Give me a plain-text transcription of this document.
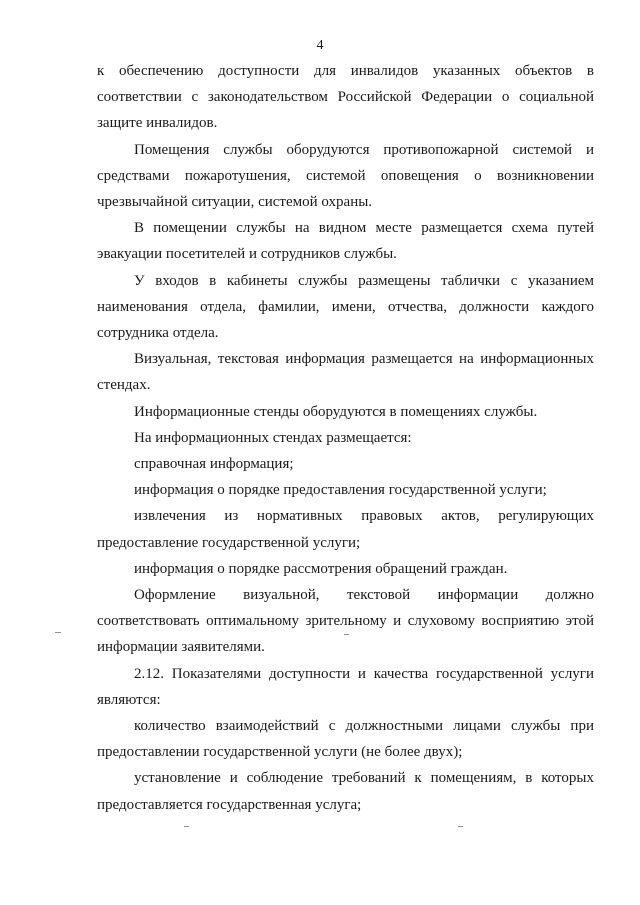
4
к обеспечению доступности для инвалидов указанных объектов в
соответствии с законодательством Российской Федерации о социальной
защите инвалидов.
Помещения службы оборудуются противопожарной системой и
средствами пожаротушения, системой оповещения о возникновении
чрезвычайной ситуации, системой охраны.
В помещении службы на видном месте размещается схема путей
эвакуации посетителей и сотрудников службы.
У входов в кабинеты службы размещены таблички с указанием
наименования отдела, фамилии, имени, отчества, должности каждого
сотрудника отдела.
Визуальная, текстовая информация размещается на информационных
стендах.
Информационные стенды оборудуются в помещениях службы.
На информационных стендах размещается:
справочная информация;
информация о порядке предоставления государственной услуги;
извлечения из нормативных правовых актов, регулирующих
предоставление государственной услуги;
информация о порядке рассмотрения обращений граждан.
Оформление визуальной, текстовой информации должно
соответствовать оптимальному зрительному и слуховому восприятию этой
информации заявителями.
2.12. Показателями доступности и качества государственной услуги
являются:
количество взаимодействий с должностными лицами службы при
предоставлении государственной услуги (не более двух);
установление и соблюдение требований к помещениям, в которых
предоставляется государственная услуга;
